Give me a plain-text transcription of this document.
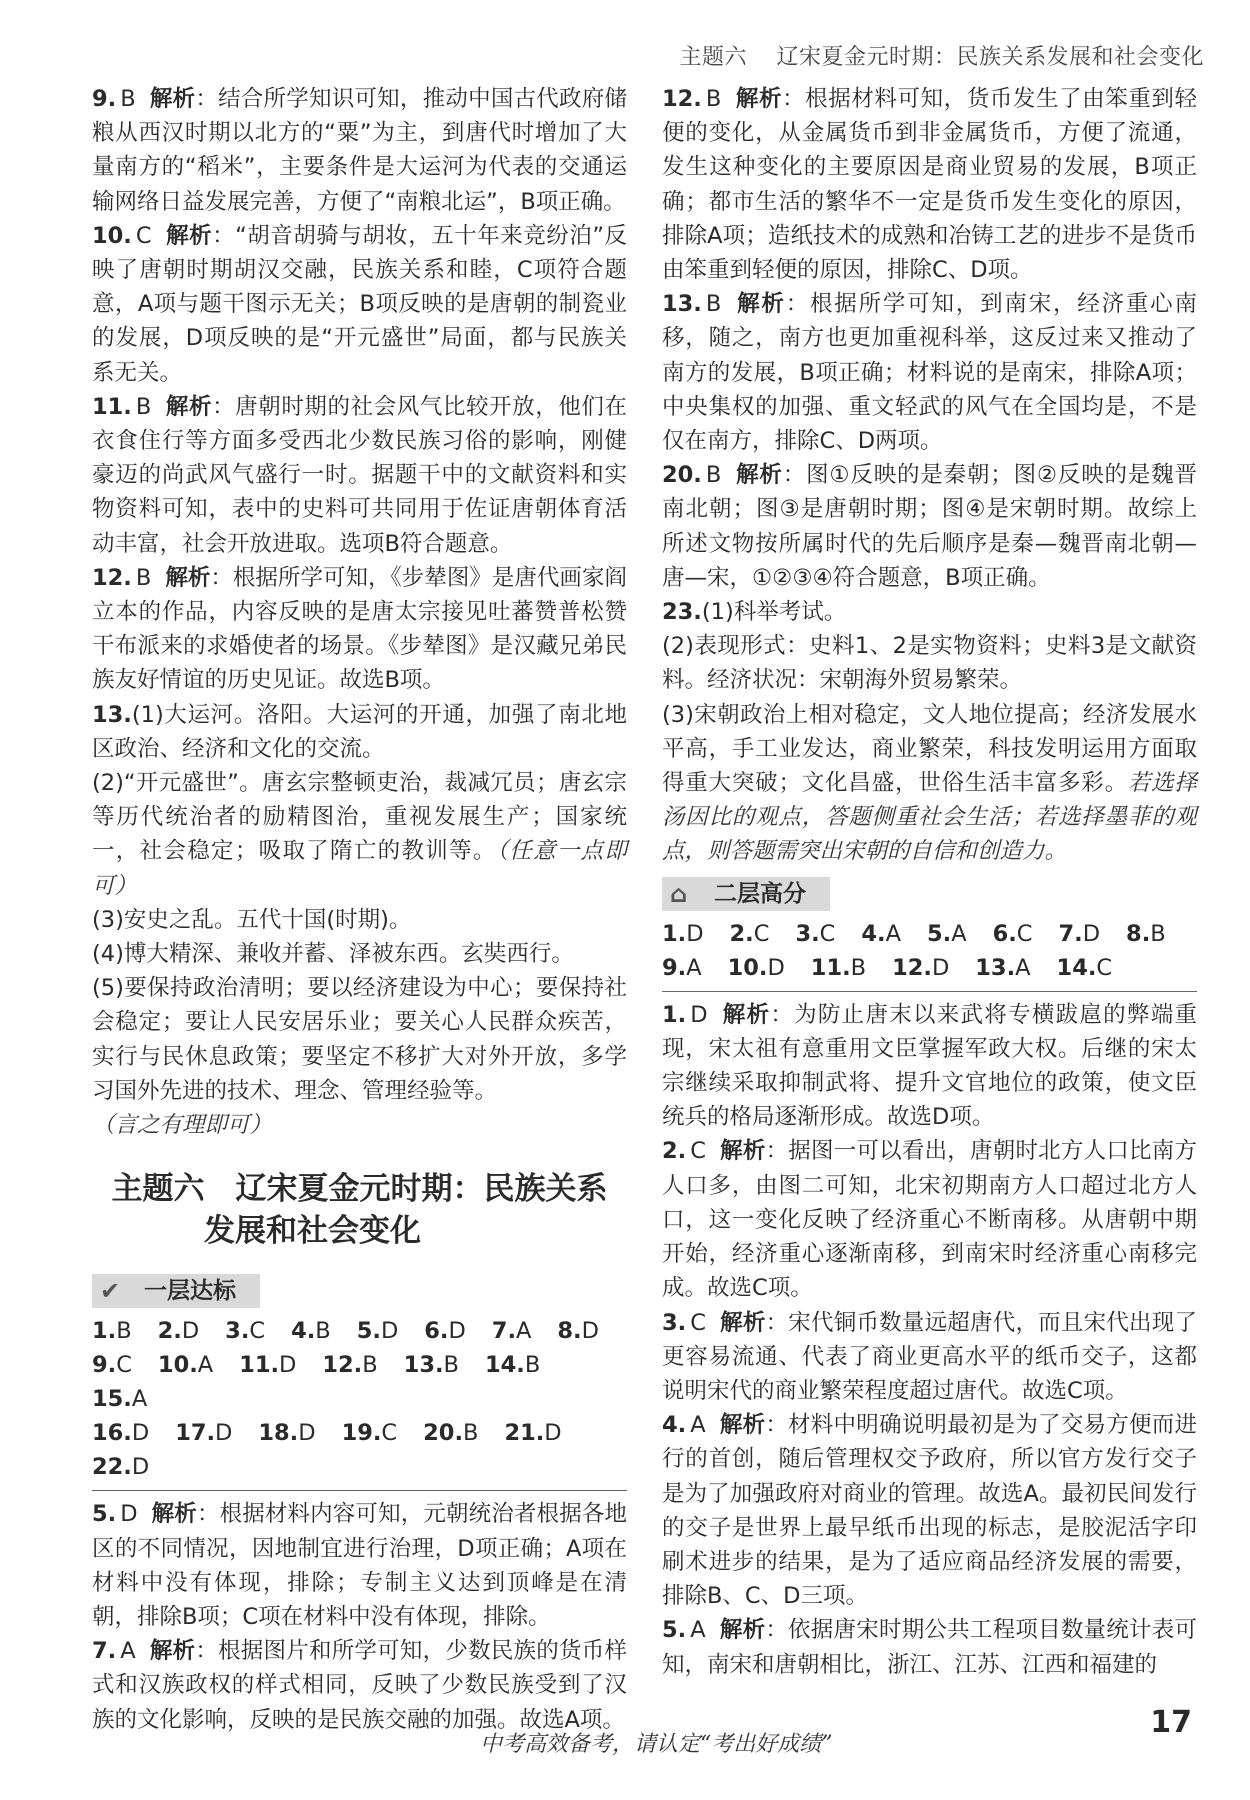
主题六 辽宋夏金元时期：民族关系发展和社会变化

9. B 解析：结合所学知识可知，推动中国古代政府储粮从西汉时期以北方的“粟”为主，到唐代时增加了大量南方的“稻米”，主要条件是大运河为代表的交通运输网络日益发展完善，方便了“南粮北运”，B项正确。

10. C 解析：“胡音胡骑与胡妆，五十年来竞纷泊”反映了唐朝时期胡汉交融，民族关系和睦，C项符合题意，A项与题干图示无关；B项反映的是唐朝的制瓷业的发展，D项反映的是“开元盛世”局面，都与民族关系无关。

11. B 解析：唐朝时期的社会风气比较开放，他们在衣食住行等方面多受西北少数民族习俗的影响，刚健豪迈的尚武风气盛行一时。据题干中的文献资料和实物资料可知，表中的史料可共同用于佐证唐朝体育活动丰富，社会开放进取。选项B符合题意。

12. B 解析：根据所学可知，《步辇图》是唐代画家阎立本的作品，内容反映的是唐太宗接见吐蕃赞普松赞干布派来的求婚使者的场景。《步辇图》是汉藏兄弟民族友好情谊的历史见证。故选B项。

13.(1)大运河。洛阳。大运河的开通，加强了南北地区政治、经济和文化的交流。

(2)“开元盛世”。唐玄宗整顿吏治，裁减冗员；唐玄宗等历代统治者的励精图治，重视发展生产；国家统一，社会稳定；吸取了隋亡的教训等。（任意一点即可）

(3)安史之乱。五代十国(时期)。

(4)博大精深、兼收并蓄、泽被东西。玄奘西行。

(5)要保持政治清明；要以经济建设为中心；要保持社会稳定；要让人民安居乐业；要关心人民群众疾苦，实行与民休息政策；要坚定不移扩大对外开放，多学习国外先进的技术、理念、管理经验等。
（言之有理即可）

主题六　辽宋夏金元时期：民族关系
发展和社会变化
✔	一层达标
1.B 2.D 3.C 4.B 5.D 6.D 7.A 8.D
9.C 10.A 11.D 12.B 13.B 14.B
15.A
16.D 17.D 18.D 19.C 20.B 21.D
22.D

5. D 解析：根据材料内容可知，元朝统治者根据各地区的不同情况，因地制宜进行治理，D项正确；A项在材料中没有体现，排除；专制主义达到顶峰是在清朝，排除B项；C项在材料中没有体现，排除。

7. A 解析：根据图片和所学可知，少数民族的货币样式和汉族政权的样式相同，反映了少数民族受到了汉族的文化影响，反映的是民族交融的加强。故选A项。

12. B 解析：根据材料可知，货币发生了由笨重到轻便的变化，从金属货币到非金属货币，方便了流通，发生这种变化的主要原因是商业贸易的发展，B项正确；都市生活的繁华不一定是货币发生变化的原因，排除A项；造纸技术的成熟和冶铸工艺的进步不是货币由笨重到轻便的原因，排除C、D项。

13. B 解析：根据所学可知，到南宋，经济重心南移，随之，南方也更加重视科举，这反过来又推动了南方的发展，B项正确；材料说的是南宋，排除A项；中央集权的加强、重文轻武的风气在全国均是，不是仅在南方，排除C、D两项。

20. B 解析：图①反映的是秦朝；图②反映的是魏晋南北朝；图③是唐朝时期；图④是宋朝时期。故综上所述文物按所属时代的先后顺序是秦—魏晋南北朝—唐—宋，①②③④符合题意，B项正确。

23.(1)科举考试。

(2)表现形式：史料1、2是实物资料；史料3是文献资料。经济状况：宋朝海外贸易繁荣。

(3)宋朝政治上相对稳定，文人地位提高；经济发展水平高，手工业发达，商业繁荣，科技发明运用方面取得重大突破；文化昌盛，世俗生活丰富多彩。若选择汤因比的观点，答题侧重社会生活；若选择墨菲的观点，则答题需突出宋朝的自信和创造力。

⌂	二层高分
1.D 2.C 3.C 4.A 5.A 6.C 7.D 8.B
9.A 10.D 11.B 12.D 13.A 14.C

1. D 解析：为防止唐末以来武将专横跋扈的弊端重现，宋太祖有意重用文臣掌握军政大权。后继的宋太宗继续采取抑制武将、提升文官地位的政策，使文臣统兵的格局逐渐形成。故选D项。

2. C 解析：据图一可以看出，唐朝时北方人口比南方人口多，由图二可知，北宋初期南方人口超过北方人口，这一变化反映了经济重心不断南移。从唐朝中期开始，经济重心逐渐南移，到南宋时经济重心南移完成。故选C项。

3. C 解析：宋代铜币数量远超唐代，而且宋代出现了更容易流通、代表了商业更高水平的纸币交子，这都说明宋代的商业繁荣程度超过唐代。故选C项。

4. A 解析：材料中明确说明最初是为了交易方便而进行的首创，随后管理权交予政府，所以官方发行交子是为了加强政府对商业的管理。故选A。最初民间发行的交子是世界上最早纸币出现的标志，是胶泥活字印刷术进步的结果，是为了适应商品经济发展的需要，排除B、C、D三项。

5. A 解析：依据唐宋时期公共工程项目数量统计表可知，南宋和唐朝相比，浙江、江苏、江西和福建的

中考高效备考，请认定“考出好成绩”
17
